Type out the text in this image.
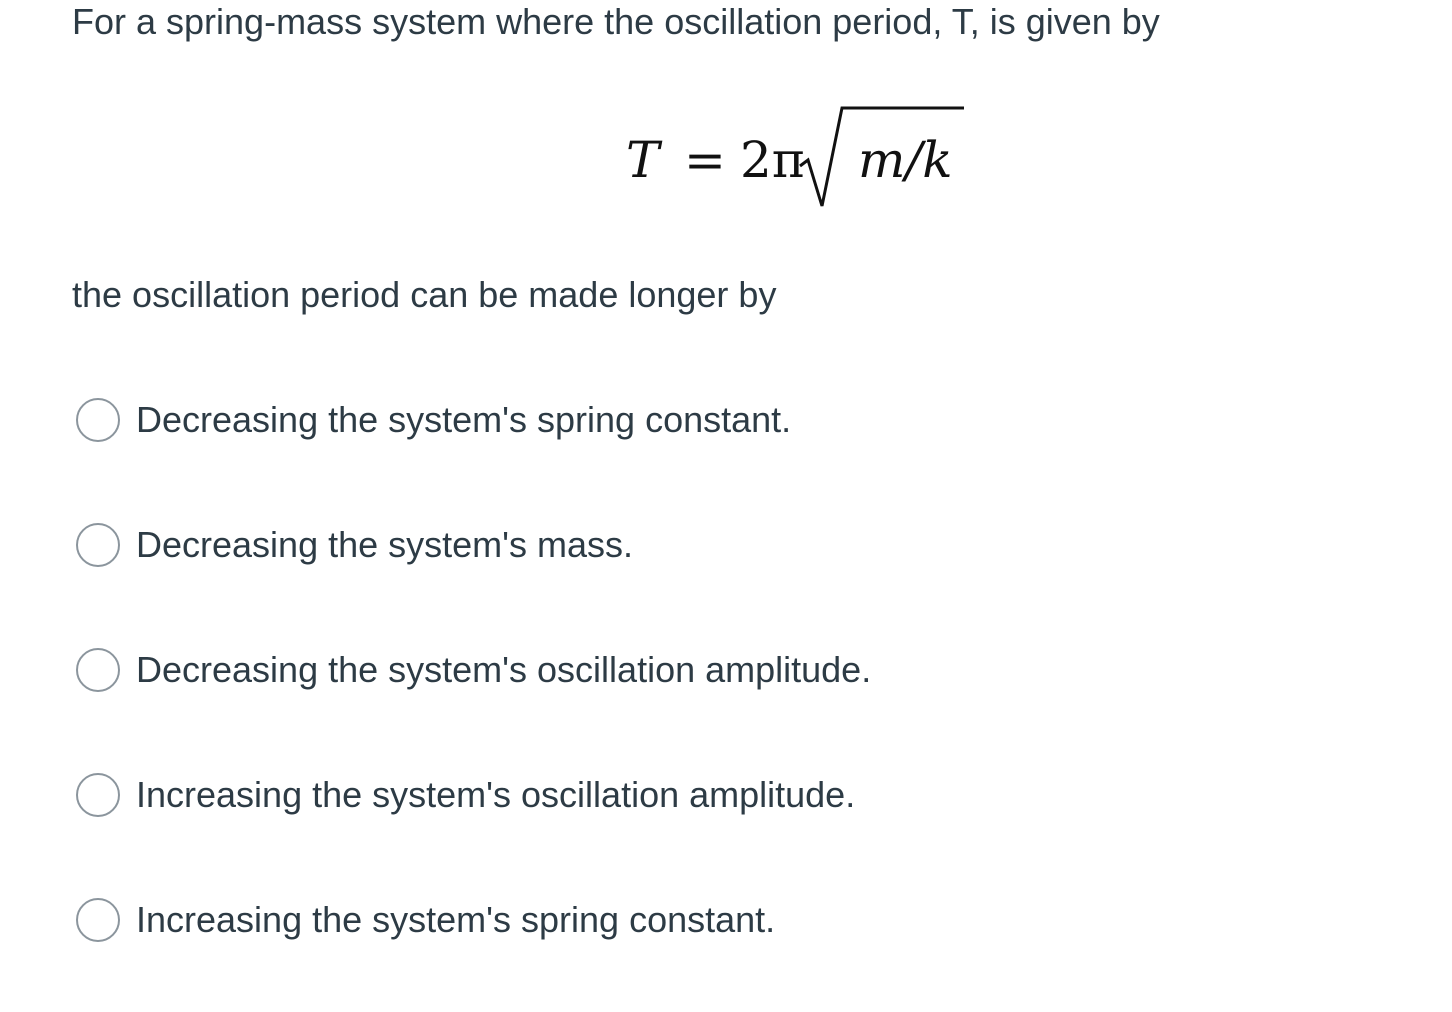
For a spring-mass system where the oscillation period, T, is given by

T = 2π m/k

the oscillation period can be made longer by

Decreasing the system's spring constant.
Decreasing the system's mass.
Decreasing the system's oscillation amplitude.
Increasing the system's oscillation amplitude.
Increasing the system's spring constant.
